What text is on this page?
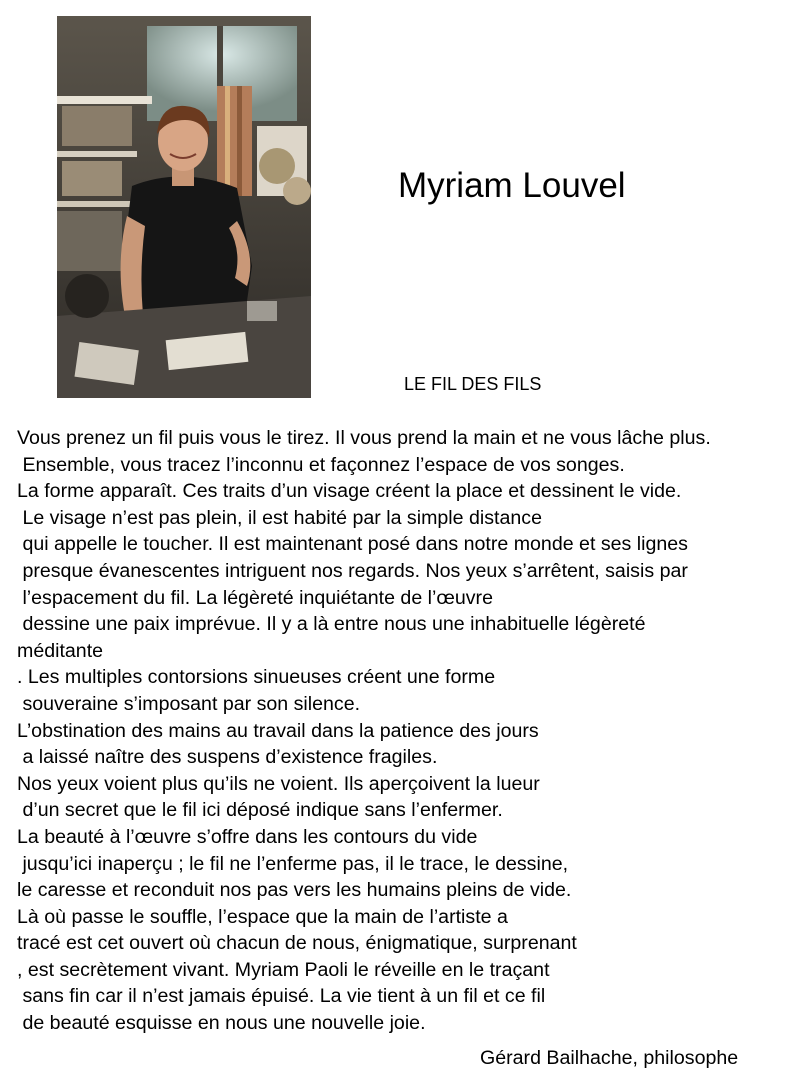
Myriam Louvel
LE FIL DES FILS
Vous prenez un fil puis vous le tirez. Il vous prend la main et ne vous lâche plus.
Ensemble, vous tracez l’inconnu et façonnez l’espace de vos songes.
La forme apparaît. Ces traits d’un visage créent la place et dessinent le vide.
Le visage n’est pas plein, il est habité par la simple distance
qui appelle le toucher. Il est maintenant posé dans notre monde et ses lignes
presque évanescentes intriguent nos regards. Nos yeux s’arrêtent, saisis par
l’espacement du fil. La légèreté inquiétante de l’œuvre
dessine une paix imprévue. Il y a là entre nous une inhabituelle légèreté
méditante
. Les multiples contorsions sinueuses créent une forme
souveraine s’imposant par son silence.
L’obstination des mains au travail dans la patience des jours
a laissé naître des suspens d’existence fragiles.
Nos yeux voient plus qu’ils ne voient. Ils aperçoivent la lueur
d’un secret que le fil ici déposé indique sans l’enfermer.
La beauté à l’œuvre s’offre dans les contours du vide
jusqu’ici inaperçu ; le fil ne l’enferme pas, il le trace, le dessine,
le caresse et reconduit nos pas vers les humains pleins de vide.
Là où passe le souffle, l’espace que la main de l’artiste a
tracé est cet ouvert où chacun de nous, énigmatique, surprenant
, est secrètement vivant. Myriam Paoli le réveille en le traçant
sans fin car il n’est jamais épuisé. La vie tient à un fil et ce fil
de beauté esquisse en nous une nouvelle joie.
Gérard Bailhache, philosophe
